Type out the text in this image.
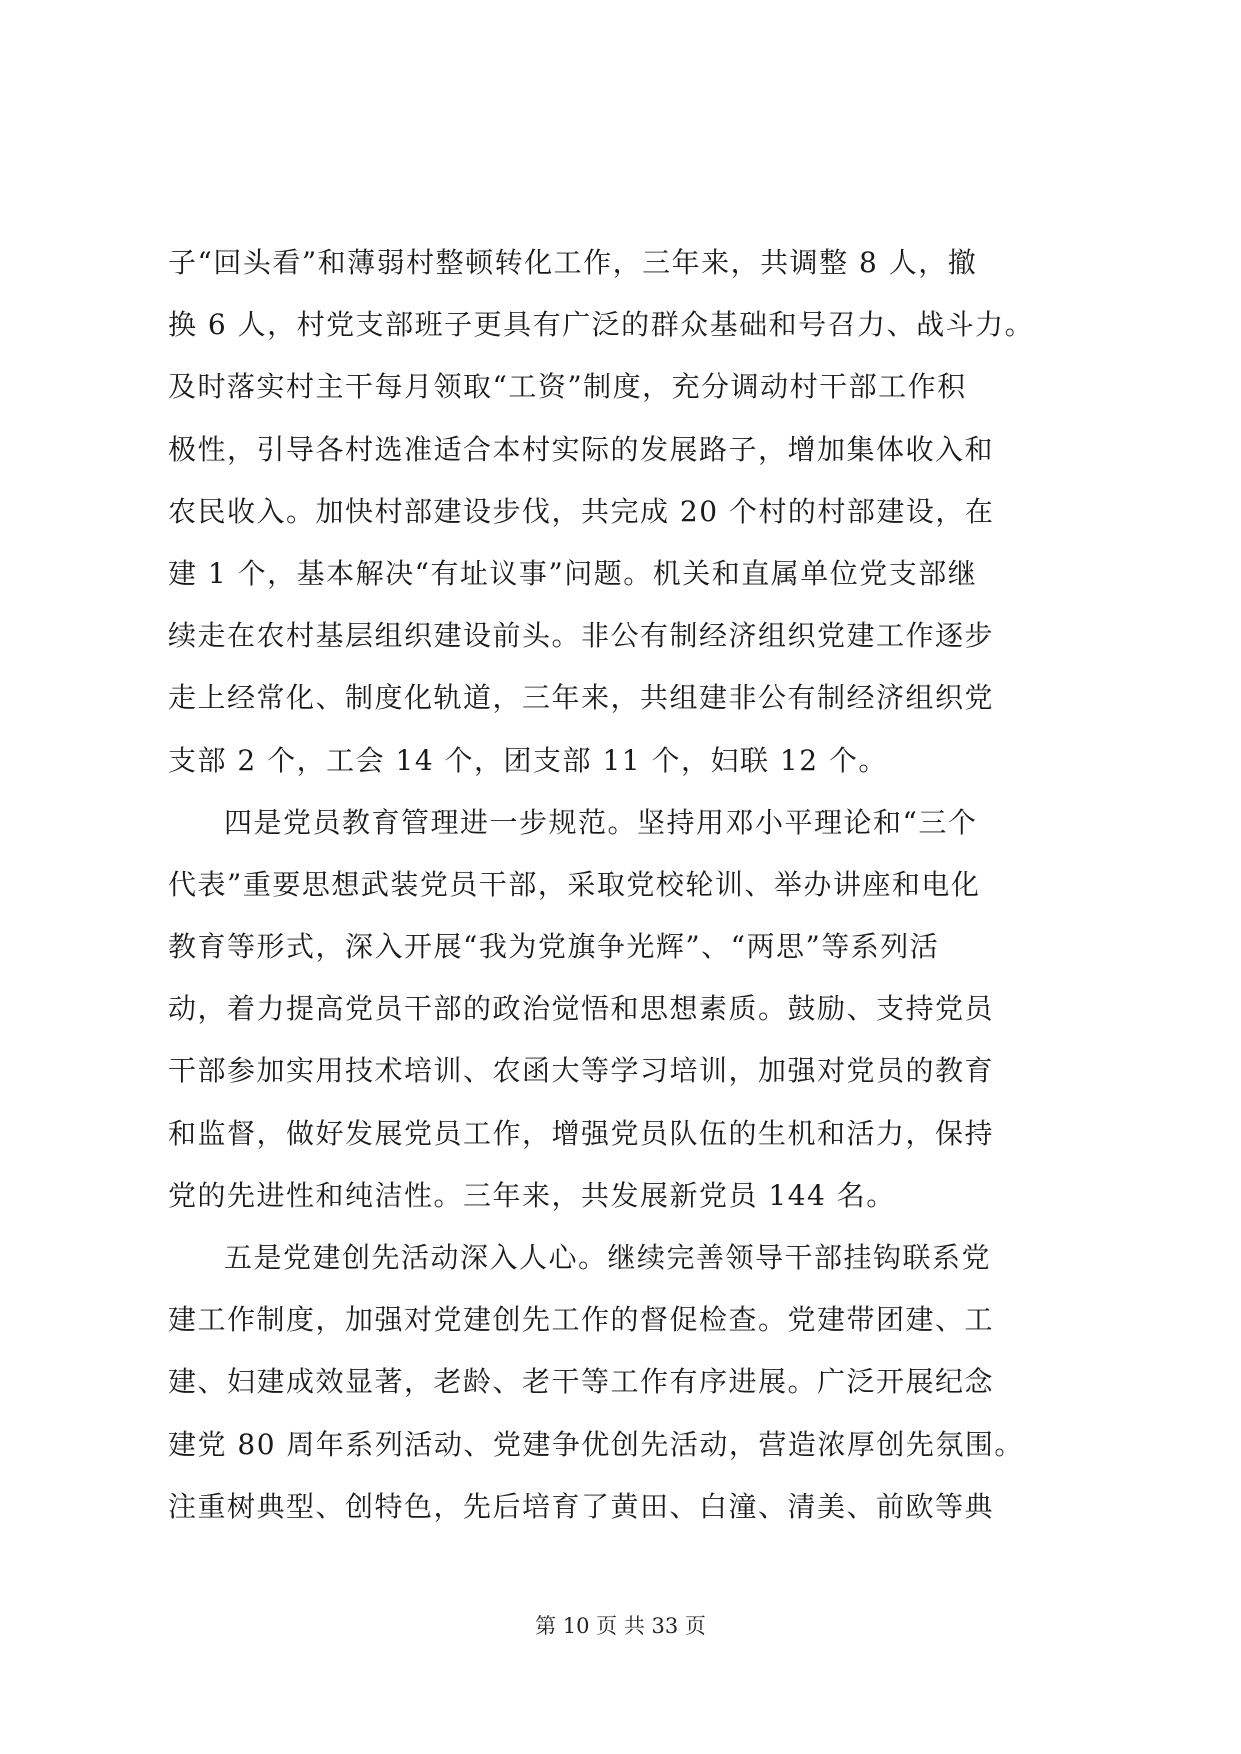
子“回头看”和薄弱村整顿转化工作，三年来，共调整 8 人，撤
换 6 人，村党支部班子更具有广泛的群众基础和号召力、战斗力。
及时落实村主干每月领取“工资”制度，充分调动村干部工作积
极性，引导各村选准适合本村实际的发展路子，增加集体收入和
农民收入。加快村部建设步伐，共完成 20 个村的村部建设，在
建 1 个，基本解决“有址议事”问题。机关和直属单位党支部继
续走在农村基层组织建设前头。非公有制经济组织党建工作逐步
走上经常化、制度化轨道，三年来，共组建非公有制经济组织党
支部 2 个，工会 14 个，团支部 11 个，妇联 12 个。
四是党员教育管理进一步规范。坚持用邓小平理论和“三个
代表”重要思想武装党员干部，采取党校轮训、举办讲座和电化
教育等形式，深入开展“我为党旗争光辉”、“两思”等系列活
动，着力提高党员干部的政治觉悟和思想素质。鼓励、支持党员
干部参加实用技术培训、农函大等学习培训，加强对党员的教育
和监督，做好发展党员工作，增强党员队伍的生机和活力，保持
党的先进性和纯洁性。三年来，共发展新党员 144 名。
五是党建创先活动深入人心。继续完善领导干部挂钩联系党
建工作制度，加强对党建创先工作的督促检查。党建带团建、工
建、妇建成效显著，老龄、老干等工作有序进展。广泛开展纪念
建党 80 周年系列活动、党建争优创先活动，营造浓厚创先氛围。
注重树典型、创特色，先后培育了黄田、白潼、清美、前欧等典
第 10 页 共 33 页
